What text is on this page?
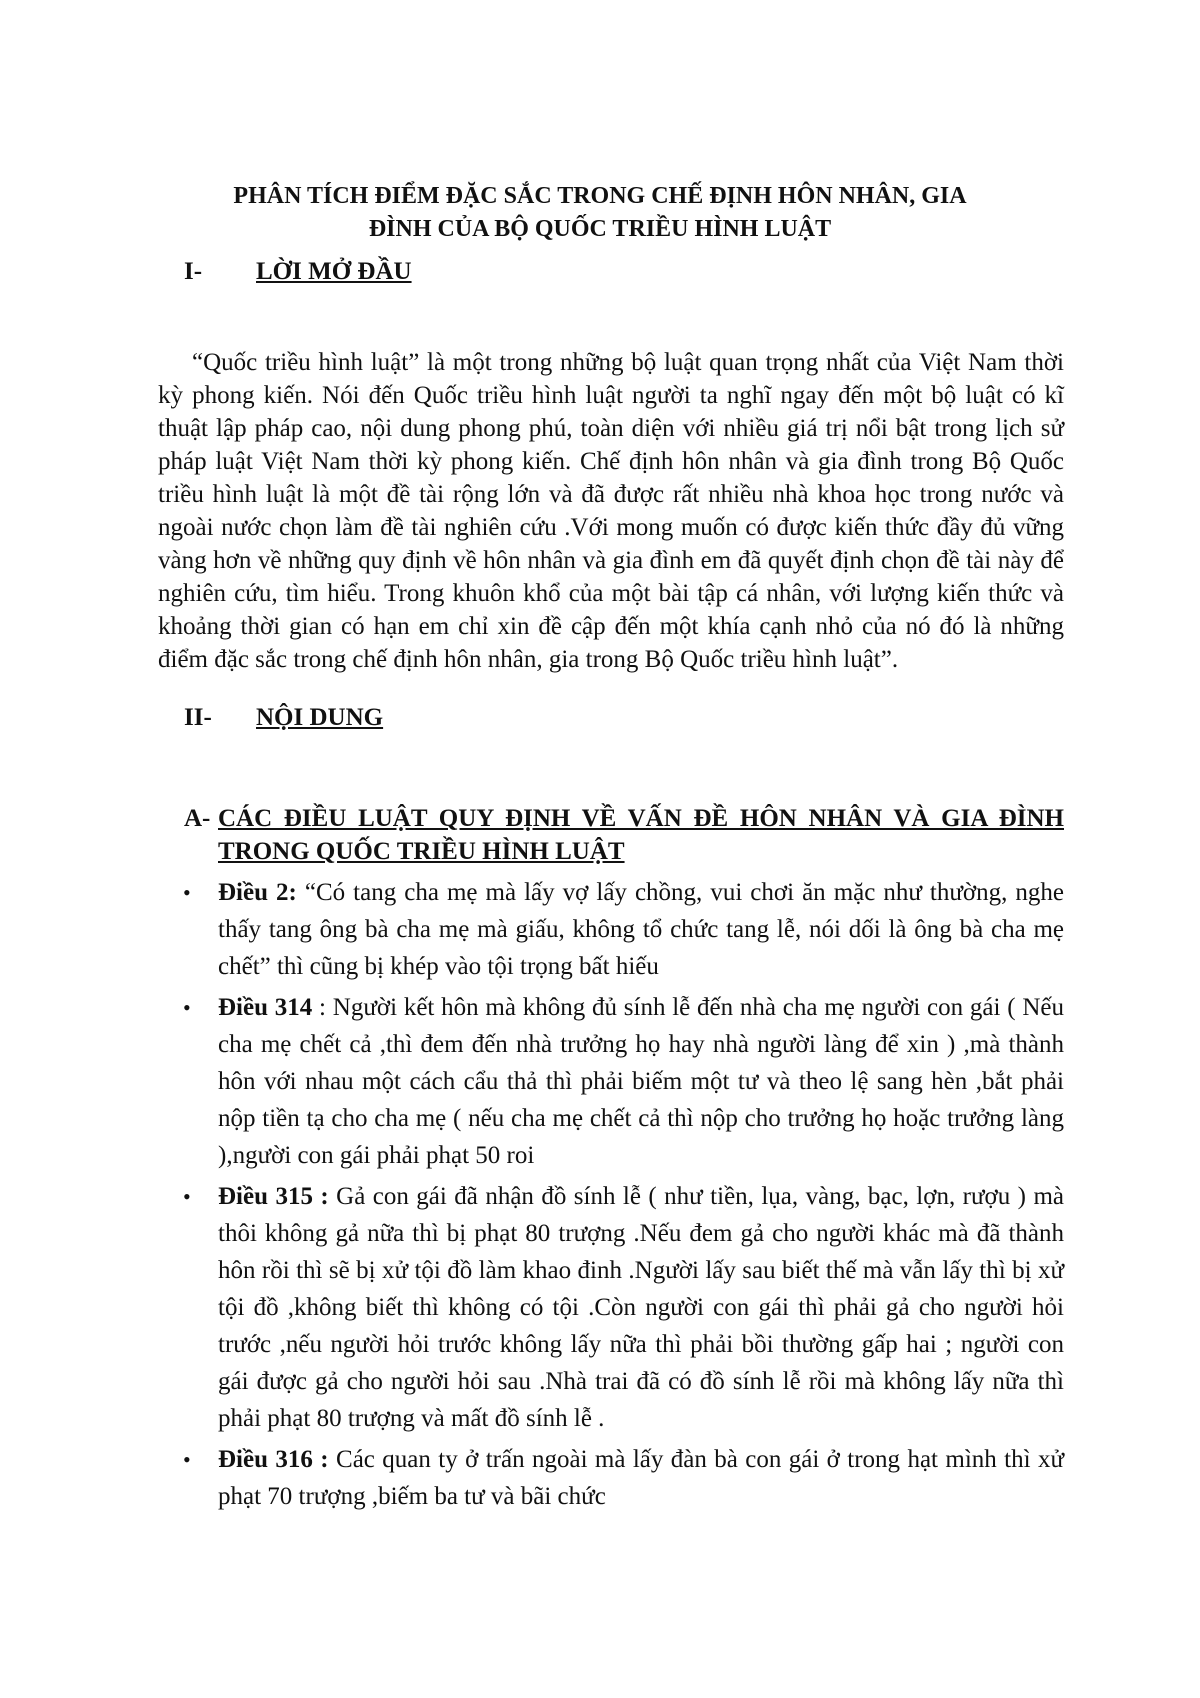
PHÂN TÍCH ĐIỂM ĐẶC SẮC TRONG CHẾ ĐỊNH HÔN NHÂN, GIA
ĐÌNH CỦA BỘ QUỐC TRIỀU HÌNH LUẬT
I- LỜI MỞ ĐẦU

“Quốc triều hình luật” là một trong những bộ luật quan trọng nhất của Việt Nam thời kỳ phong kiến. Nói đến Quốc triều hình luật người ta nghĩ ngay đến một bộ luật có kĩ thuật lập pháp cao, nội dung phong phú, toàn diện với nhiều giá trị nổi bật trong lịch sử pháp luật Việt Nam thời kỳ phong kiến. Chế định hôn nhân và gia đình trong Bộ Quốc triều hình luật là một đề tài rộng lớn và đã được rất nhiều nhà khoa học trong nước và ngoài nước chọn làm đề tài nghiên cứu .Với mong muốn có được kiến thức đầy đủ vững vàng hơn về những quy định về hôn nhân và gia đình em đã quyết định chọn đề tài này để nghiên cứu, tìm hiểu. Trong khuôn khổ của một bài tập cá nhân, với lượng kiến thức và khoảng thời gian có hạn em chỉ xin đề cập đến một khía cạnh nhỏ của nó đó là những điểm đặc sắc trong chế định hôn nhân, gia trong Bộ Quốc triều hình luật”.

II- NỘI DUNG
A- CÁC ĐIỀU LUẬT QUY ĐỊNH VỀ VẤN ĐỀ HÔN NHÂN VÀ GIA ĐÌNH TRONG QUỐC TRIỀU HÌNH LUẬT
• Điều 2: “Có tang cha mẹ mà lấy vợ lấy chồng, vui chơi ăn mặc như thường, nghe thấy tang ông bà cha mẹ mà giấu, không tổ chức tang lễ, nói dối là ông bà cha mẹ chết” thì cũng bị khép vào tội trọng bất hiếu
• Điều 314 : Người kết hôn mà không đủ sính lễ đến nhà cha mẹ người con gái ( Nếu cha mẹ chết cả ,thì đem đến nhà trưởng họ hay nhà người làng để xin ) ,mà thành hôn với nhau một cách cẩu thả thì phải biếm một tư và theo lệ sang hèn ,bắt phải nộp tiền tạ cho cha mẹ ( nếu cha mẹ chết cả thì nộp cho trưởng họ hoặc trưởng làng ),người con gái phải phạt 50 roi
• Điều 315 : Gả con gái đã nhận đồ sính lễ ( như tiền, lụa, vàng, bạc, lợn, rượu ) mà thôi không gả nữa thì bị phạt 80 trượng .Nếu đem gả cho người khác mà đã thành hôn rồi thì sẽ bị xử tội đồ làm khao đinh .Người lấy sau biết thế mà vẫn lấy thì bị xử tội đồ ,không biết thì không có tội .Còn người con gái thì phải gả cho người hỏi trước ,nếu người hỏi trước không lấy nữa thì phải bồi thường gấp hai ; người con gái được gả cho người hỏi sau .Nhà trai đã có đồ sính lễ rồi mà không lấy nữa thì phải phạt 80 trượng và mất đồ sính lễ .
• Điều 316 : Các quan ty ở trấn ngoài mà lấy đàn bà con gái ở trong hạt mình thì xử phạt 70 trượng ,biếm ba tư và bãi chức
